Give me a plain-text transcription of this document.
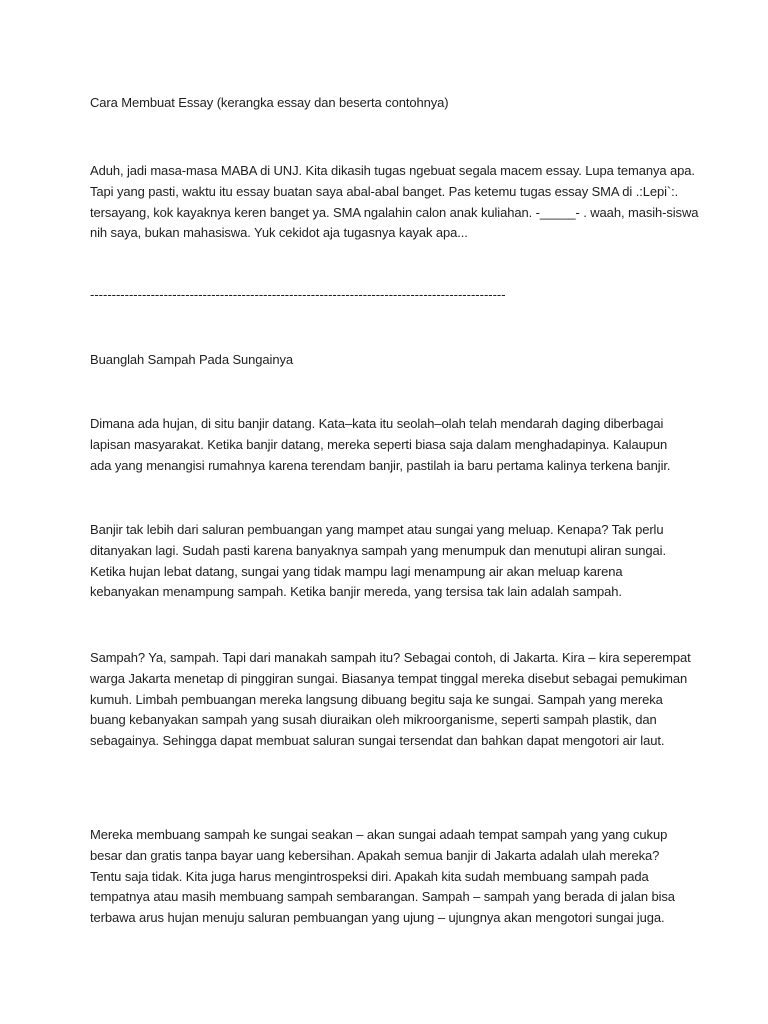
Cara Membuat Essay (kerangka essay dan beserta contohnya)
Aduh, jadi masa-masa MABA di UNJ. Kita dikasih tugas ngebuat segala macem essay. Lupa temanya apa.
Tapi yang pasti, waktu itu essay buatan saya abal-abal banget. Pas ketemu tugas essay SMA di .:Lepi`:.
tersayang, kok kayaknya keren banget ya. SMA ngalahin calon anak kuliahan. -_____- . waah, masih-siswa
nih saya, bukan mahasiswa. Yuk cekidot aja tugasnya kayak apa...
------------------------------------------------------------------------------------------------
Buanglah Sampah Pada Sungainya
Dimana ada hujan, di situ banjir datang. Kata–kata itu seolah–olah telah mendarah daging diberbagai
lapisan masyarakat. Ketika banjir datang, mereka seperti biasa saja dalam menghadapinya. Kalaupun
ada yang menangisi rumahnya karena terendam banjir, pastilah ia baru pertama kalinya terkena banjir.
Banjir tak lebih dari saluran pembuangan yang mampet atau sungai yang meluap. Kenapa? Tak perlu
ditanyakan lagi. Sudah pasti karena banyaknya sampah yang menumpuk dan menutupi aliran sungai.
Ketika hujan lebat datang, sungai yang tidak mampu lagi menampung air akan meluap karena
kebanyakan menampung sampah. Ketika banjir mereda, yang tersisa tak lain adalah sampah.
Sampah? Ya, sampah. Tapi dari manakah sampah itu? Sebagai contoh, di Jakarta. Kira – kira seperempat
warga Jakarta menetap di pinggiran sungai. Biasanya tempat tinggal mereka disebut sebagai pemukiman
kumuh. Limbah pembuangan mereka langsung dibuang begitu saja ke sungai. Sampah yang mereka
buang kebanyakan sampah yang susah diuraikan oleh mikroorganisme, seperti sampah plastik, dan
sebagainya. Sehingga dapat membuat saluran sungai tersendat dan bahkan dapat mengotori air laut.
Mereka membuang sampah ke sungai seakan – akan sungai adaah tempat sampah yang yang cukup
besar dan gratis tanpa bayar uang kebersihan. Apakah semua banjir di Jakarta adalah ulah mereka?
Tentu saja tidak. Kita juga harus mengintrospeksi diri. Apakah kita sudah membuang sampah pada
tempatnya atau masih membuang sampah sembarangan. Sampah – sampah yang berada di jalan bisa
terbawa arus hujan menuju saluran pembuangan yang ujung – ujungnya akan mengotori sungai juga.
